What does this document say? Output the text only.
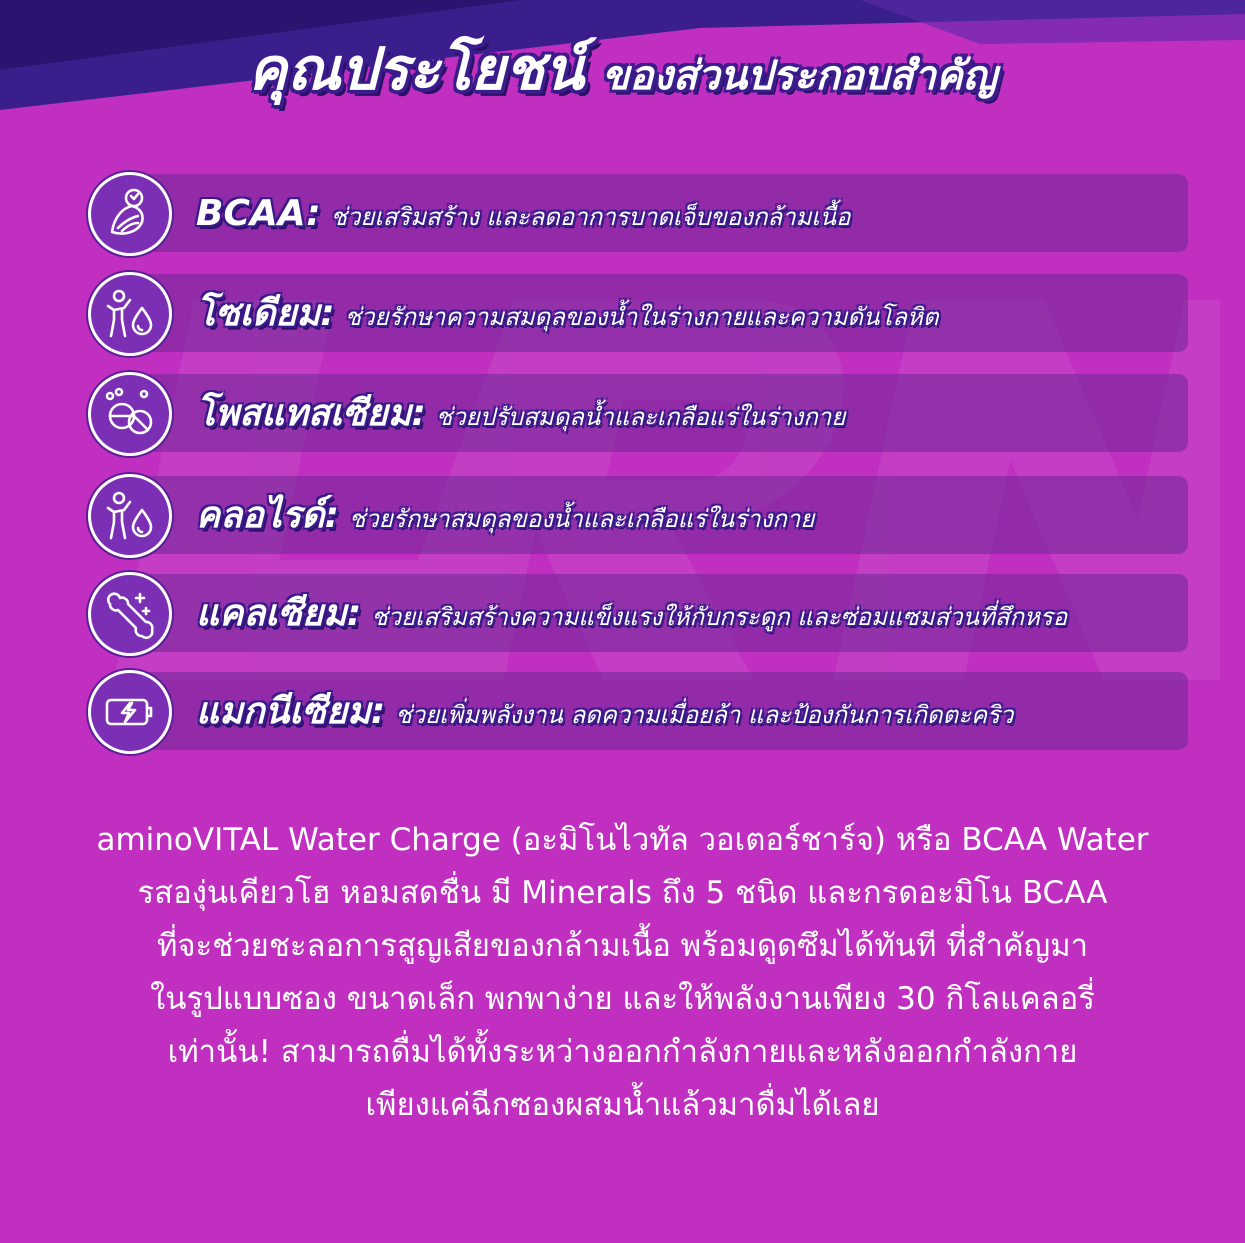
คุณประโยชน์ ของส่วนประกอบสำคัญ
BCAA: ช่วยเสริมสร้าง และลดอาการบาดเจ็บของกล้ามเนื้อ
โซเดียม: ช่วยรักษาความสมดุลของน้ำในร่างกายและความดันโลหิต
โพสแทสเซียม: ช่วยปรับสมดุลน้ำและเกลือแร่ในร่างกาย
คลอไรด์: ช่วยรักษาสมดุลของน้ำและเกลือแร่ในร่างกาย
แคลเซียม: ช่วยเสริมสร้างความแข็งแรงให้กับกระดูก และซ่อมแซมส่วนที่สึกหรอ
แมกนีเซียม: ช่วยเพิ่มพลังงาน ลดความเมื่อยล้า และป้องกันการเกิดตะคริว

aminoVITAL Water Charge (อะมิโนไวทัล วอเตอร์ชาร์จ) หรือ BCAA Water
รสองุ่นเคียวโฮ หอมสดชื่น มี Minerals ถึง 5 ชนิด และกรดอะมิโน BCAA
ที่จะช่วยชะลอการสูญเสียของกล้ามเนื้อ พร้อมดูดซึมได้ทันที ที่สำคัญมา
ในรูปแบบซอง ขนาดเล็ก พกพาง่าย และให้พลังงานเพียง 30 กิโลแคลอรี่
เท่านั้น! สามารถดื่มได้ทั้งระหว่างออกกำลังกายและหลังออกกำลังกาย
เพียงแค่ฉีกซองผสมน้ำแล้วมาดื่มได้เลย
